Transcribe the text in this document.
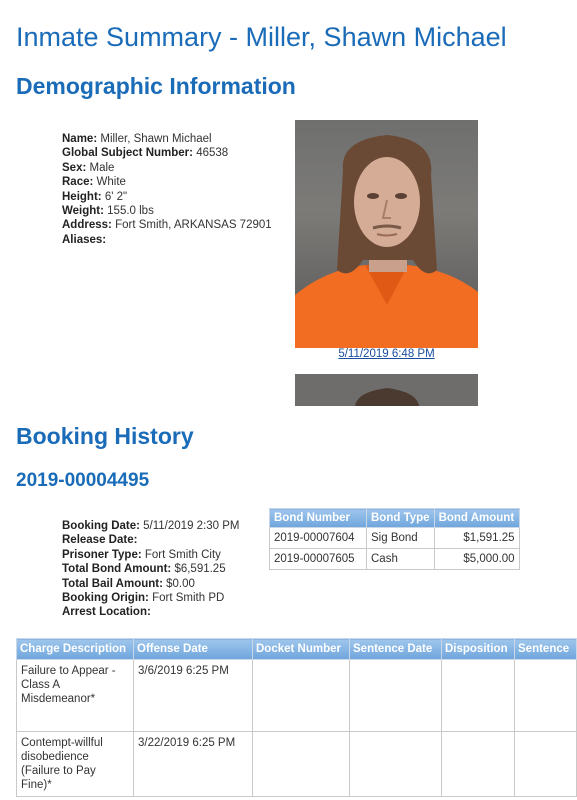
Inmate Summary - Miller, Shawn Michael
Demographic Information
Name: Miller, Shawn Michael
Global Subject Number: 46538
Sex: Male
Race: White
Height: 6' 2"
Weight: 155.0 lbs
Address: Fort Smith, ARKANSAS 72901
Aliases:
5/11/2019 6:48 PM
Booking History
2019-00004495
Booking Date: 5/11/2019 2:30 PM
Release Date:
Prisoner Type: Fort Smith City
Total Bond Amount: $6,591.25
Total Bail Amount: $0.00
Booking Origin: Fort Smith PD
Arrest Location:
Bond Number	Bond Type	Bond Amount
2019-00007604	Sig Bond	$1,591.25
2019-00007605	Cash	$5,000.00
Charge Description	Offense Date	Docket Number	Sentence Date	Disposition	Sentence
Failure to Appear - Class A Misdemeanor*	3/6/2019 6:25 PM				
Contempt-willful disobedience (Failure to Pay Fine)*	3/22/2019 6:25 PM				
